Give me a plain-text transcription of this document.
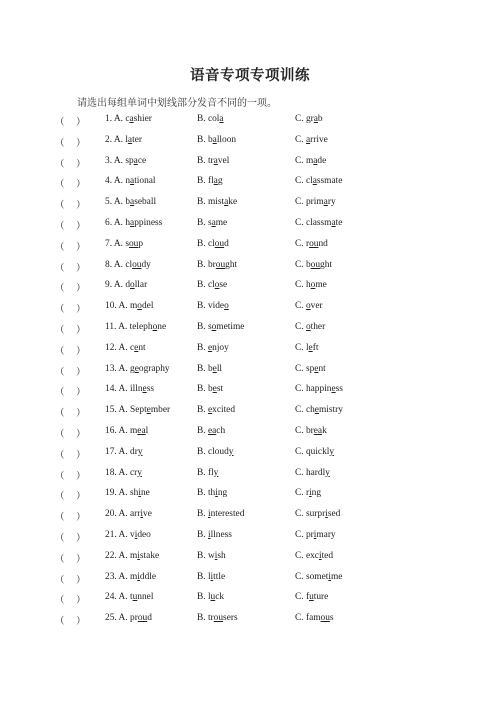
语音专项专项训练
请选出每组单词中划线部分发音不同的一项。
（　 ） 1. A. cashier	B. cola	C. grab
（　 ） 2. A. later	B. balloon	C. arrive
（　 ） 3. A. space	B. travel	C. made
（　 ） 4. A. national	B. flag	C. classmate
（　 ） 5. A. baseball	B. mistake	C. primary
（　 ） 6. A. happiness	B. same	C. classmate
（　 ） 7. A. soup	B. cloud	C. round
（　 ） 8. A. cloudy	B. brought	C. bought
（　 ） 9. A. dollar	B. close	C. home
（　 ） 10. A. model	B. video	C. over
（　 ） 11. A. telephone	B. sometime	C. other
（　 ） 12. A. cent	B. enjoy	C. left
（　 ） 13. A. geography	B. bell	C. spent
（　 ） 14. A. illness	B. best	C. happiness
（　 ） 15. A. September	B. excited	C. chemistry
（　 ） 16. A. meal	B. each	C. break
（　 ） 17. A. dry	B. cloudy	C. quickly
（　 ） 18. A. cry	B. fly	C. hardly
（　 ） 19. A. shine	B. thing	C. ring
（　 ） 20. A. arrive	B. interested	C. surprised
（　 ） 21. A. video	B. illness	C. primary
（　 ） 22. A. mistake	B. wish	C. excited
（　 ） 23. A. middle	B. little	C. sometime
（　 ） 24. A. tunnel	B. luck	C. future
（　 ） 25. A. proud	B. trousers	C. famous
